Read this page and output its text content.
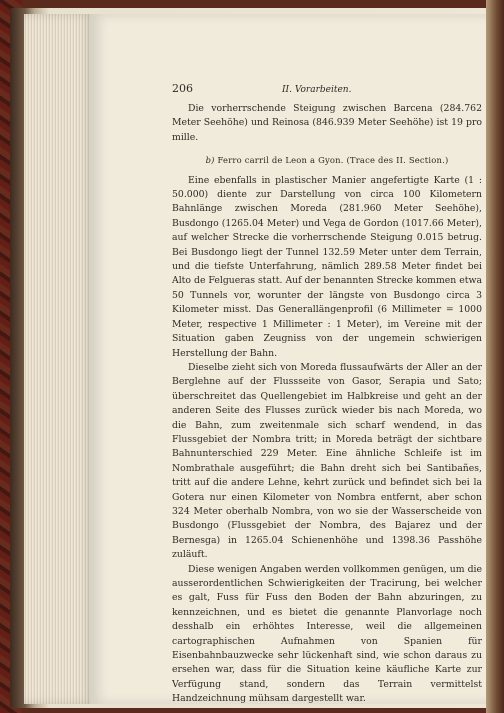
206	II. Vorarbeiten.

Die vorherrschende Steigung zwischen Barcena (284.762 Meter Seehöhe) und Reinosa (846.939 Meter Seehöhe) ist 19 pro mille.

b) Ferro carril de Leon a Gyon. (Trace des II. Section.)

Eine ebenfalls in plastischer Manier angefertigte Karte (1 : 50.000) diente zur Darstellung von circa 100 Kilometern Bahnlänge zwischen Moreda (281.960 Meter Seehöhe), Busdongo (1265.04 Meter) und Vega de Gordon (1017.66 Meter), auf welcher Strecke die vorherrschende Steigung 0.015 betrug. Bei Busdongo liegt der Tunnel 132.59 Meter unter dem Terrain, und die tiefste Unterfahrung, nämlich 289.58 Meter findet bei Alto de Felgueras statt. Auf der benannten Strecke kommen etwa 50 Tunnels vor, worunter der längste von Busdongo circa 3 Kilometer misst. Das Generallängenprofil (6 Millimeter = 1000 Meter, respective 1 Millimeter : 1 Meter), im Vereine mit der Situation gaben Zeugniss von der ungemein schwierigen Herstellung der Bahn.

Dieselbe zieht sich von Moreda flussaufwärts der Aller an der Berglehne auf der Flussseite von Gasor, Serapia und Sato; überschreitet das Quellengebiet im Halbkreise und geht an der anderen Seite des Flusses zurück wieder bis nach Moreda, wo die Bahn, zum zweitenmale sich scharf wendend, in das Flussgebiet der Nombra tritt; in Moreda beträgt der sichtbare Bahnunterschied 229 Meter. Eine ähnliche Schleife ist im Nombrathale ausgeführt; die Bahn dreht sich bei Santibañes, tritt auf die andere Lehne, kehrt zurück und befindet sich bei la Gotera nur einen Kilometer von Nombra entfernt, aber schon 324 Meter oberhalb Nombra, von wo sie der Wasserscheide von Busdongo (Flussgebiet der Nombra, des Bajarez und der Bernesga) in 1265.04 Schienenhöhe und 1398.36 Passhöhe zuläuft.

Diese wenigen Angaben werden vollkommen genügen, um die ausserordentlichen Schwierigkeiten der Tracirung, bei welcher es galt, Fuss für Fuss den Boden der Bahn abzuringen, zu kennzeichnen, und es bietet die genannte Planvorlage noch desshalb ein erhöhtes Interesse, weil die allgemeinen cartographischen Aufnahmen von Spanien für Eisenbahnbauzwecke sehr lückenhaft sind, wie schon daraus zu ersehen war, dass für die Situation keine käufliche Karte zur Verfügung stand, sondern das Terrain vermittelst Handzeichnung mühsam dargestellt war.
